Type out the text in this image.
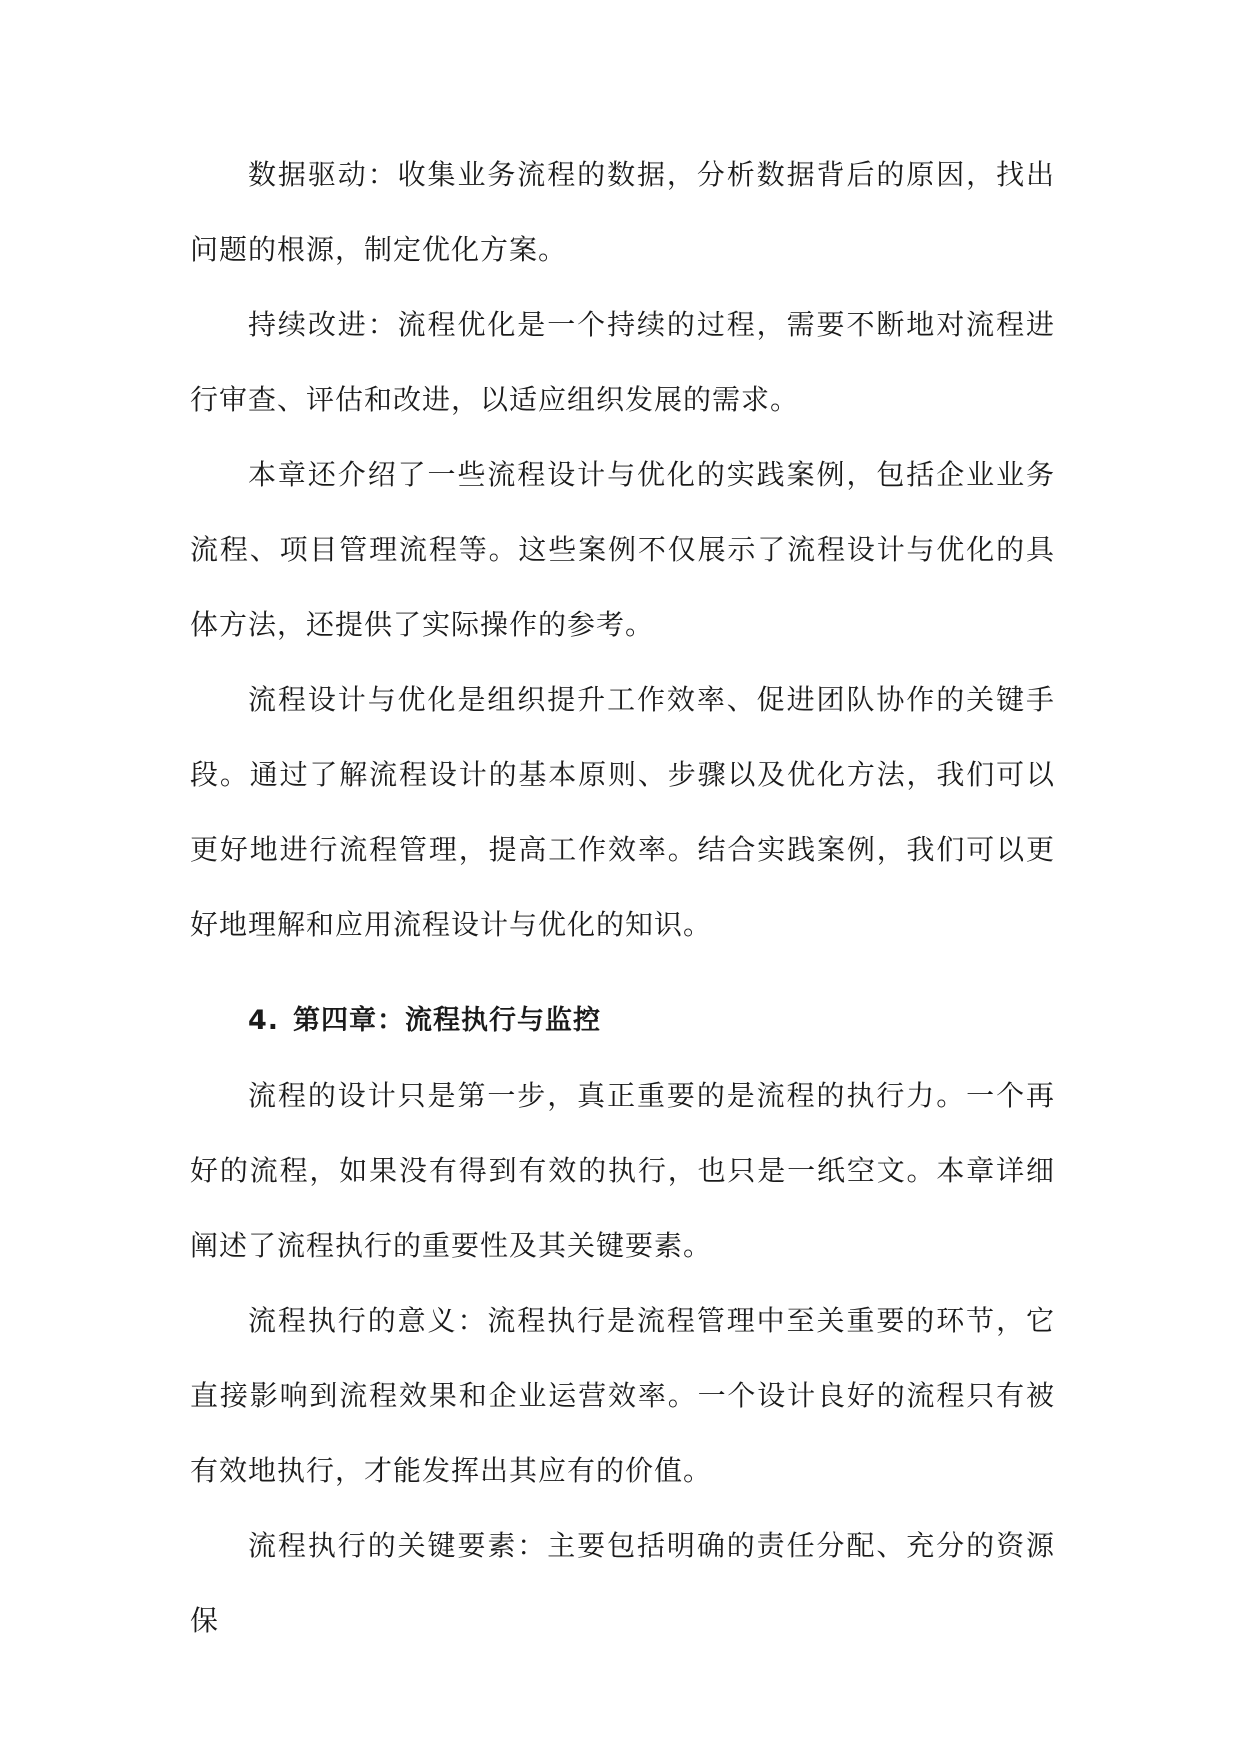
数据驱动：收集业务流程的数据，分析数据背后的原因，找出问题的根源，制定优化方案。

持续改进：流程优化是一个持续的过程，需要不断地对流程进行审查、评估和改进，以适应组织发展的需求。

本章还介绍了一些流程设计与优化的实践案例，包括企业业务流程、项目管理流程等。这些案例不仅展示了流程设计与优化的具体方法，还提供了实际操作的参考。

流程设计与优化是组织提升工作效率、促进团队协作的关键手段。通过了解流程设计的基本原则、步骤以及优化方法，我们可以更好地进行流程管理，提高工作效率。结合实践案例，我们可以更好地理解和应用流程设计与优化的知识。

4. 第四章：流程执行与监控

流程的设计只是第一步，真正重要的是流程的执行力。一个再好的流程，如果没有得到有效的执行，也只是一纸空文。本章详细阐述了流程执行的重要性及其关键要素。

流程执行的意义：流程执行是流程管理中至关重要的环节，它直接影响到流程效果和企业运营效率。一个设计良好的流程只有被有效地执行，才能发挥出其应有的价值。

流程执行的关键要素：主要包括明确的责任分配、充分的资源保
